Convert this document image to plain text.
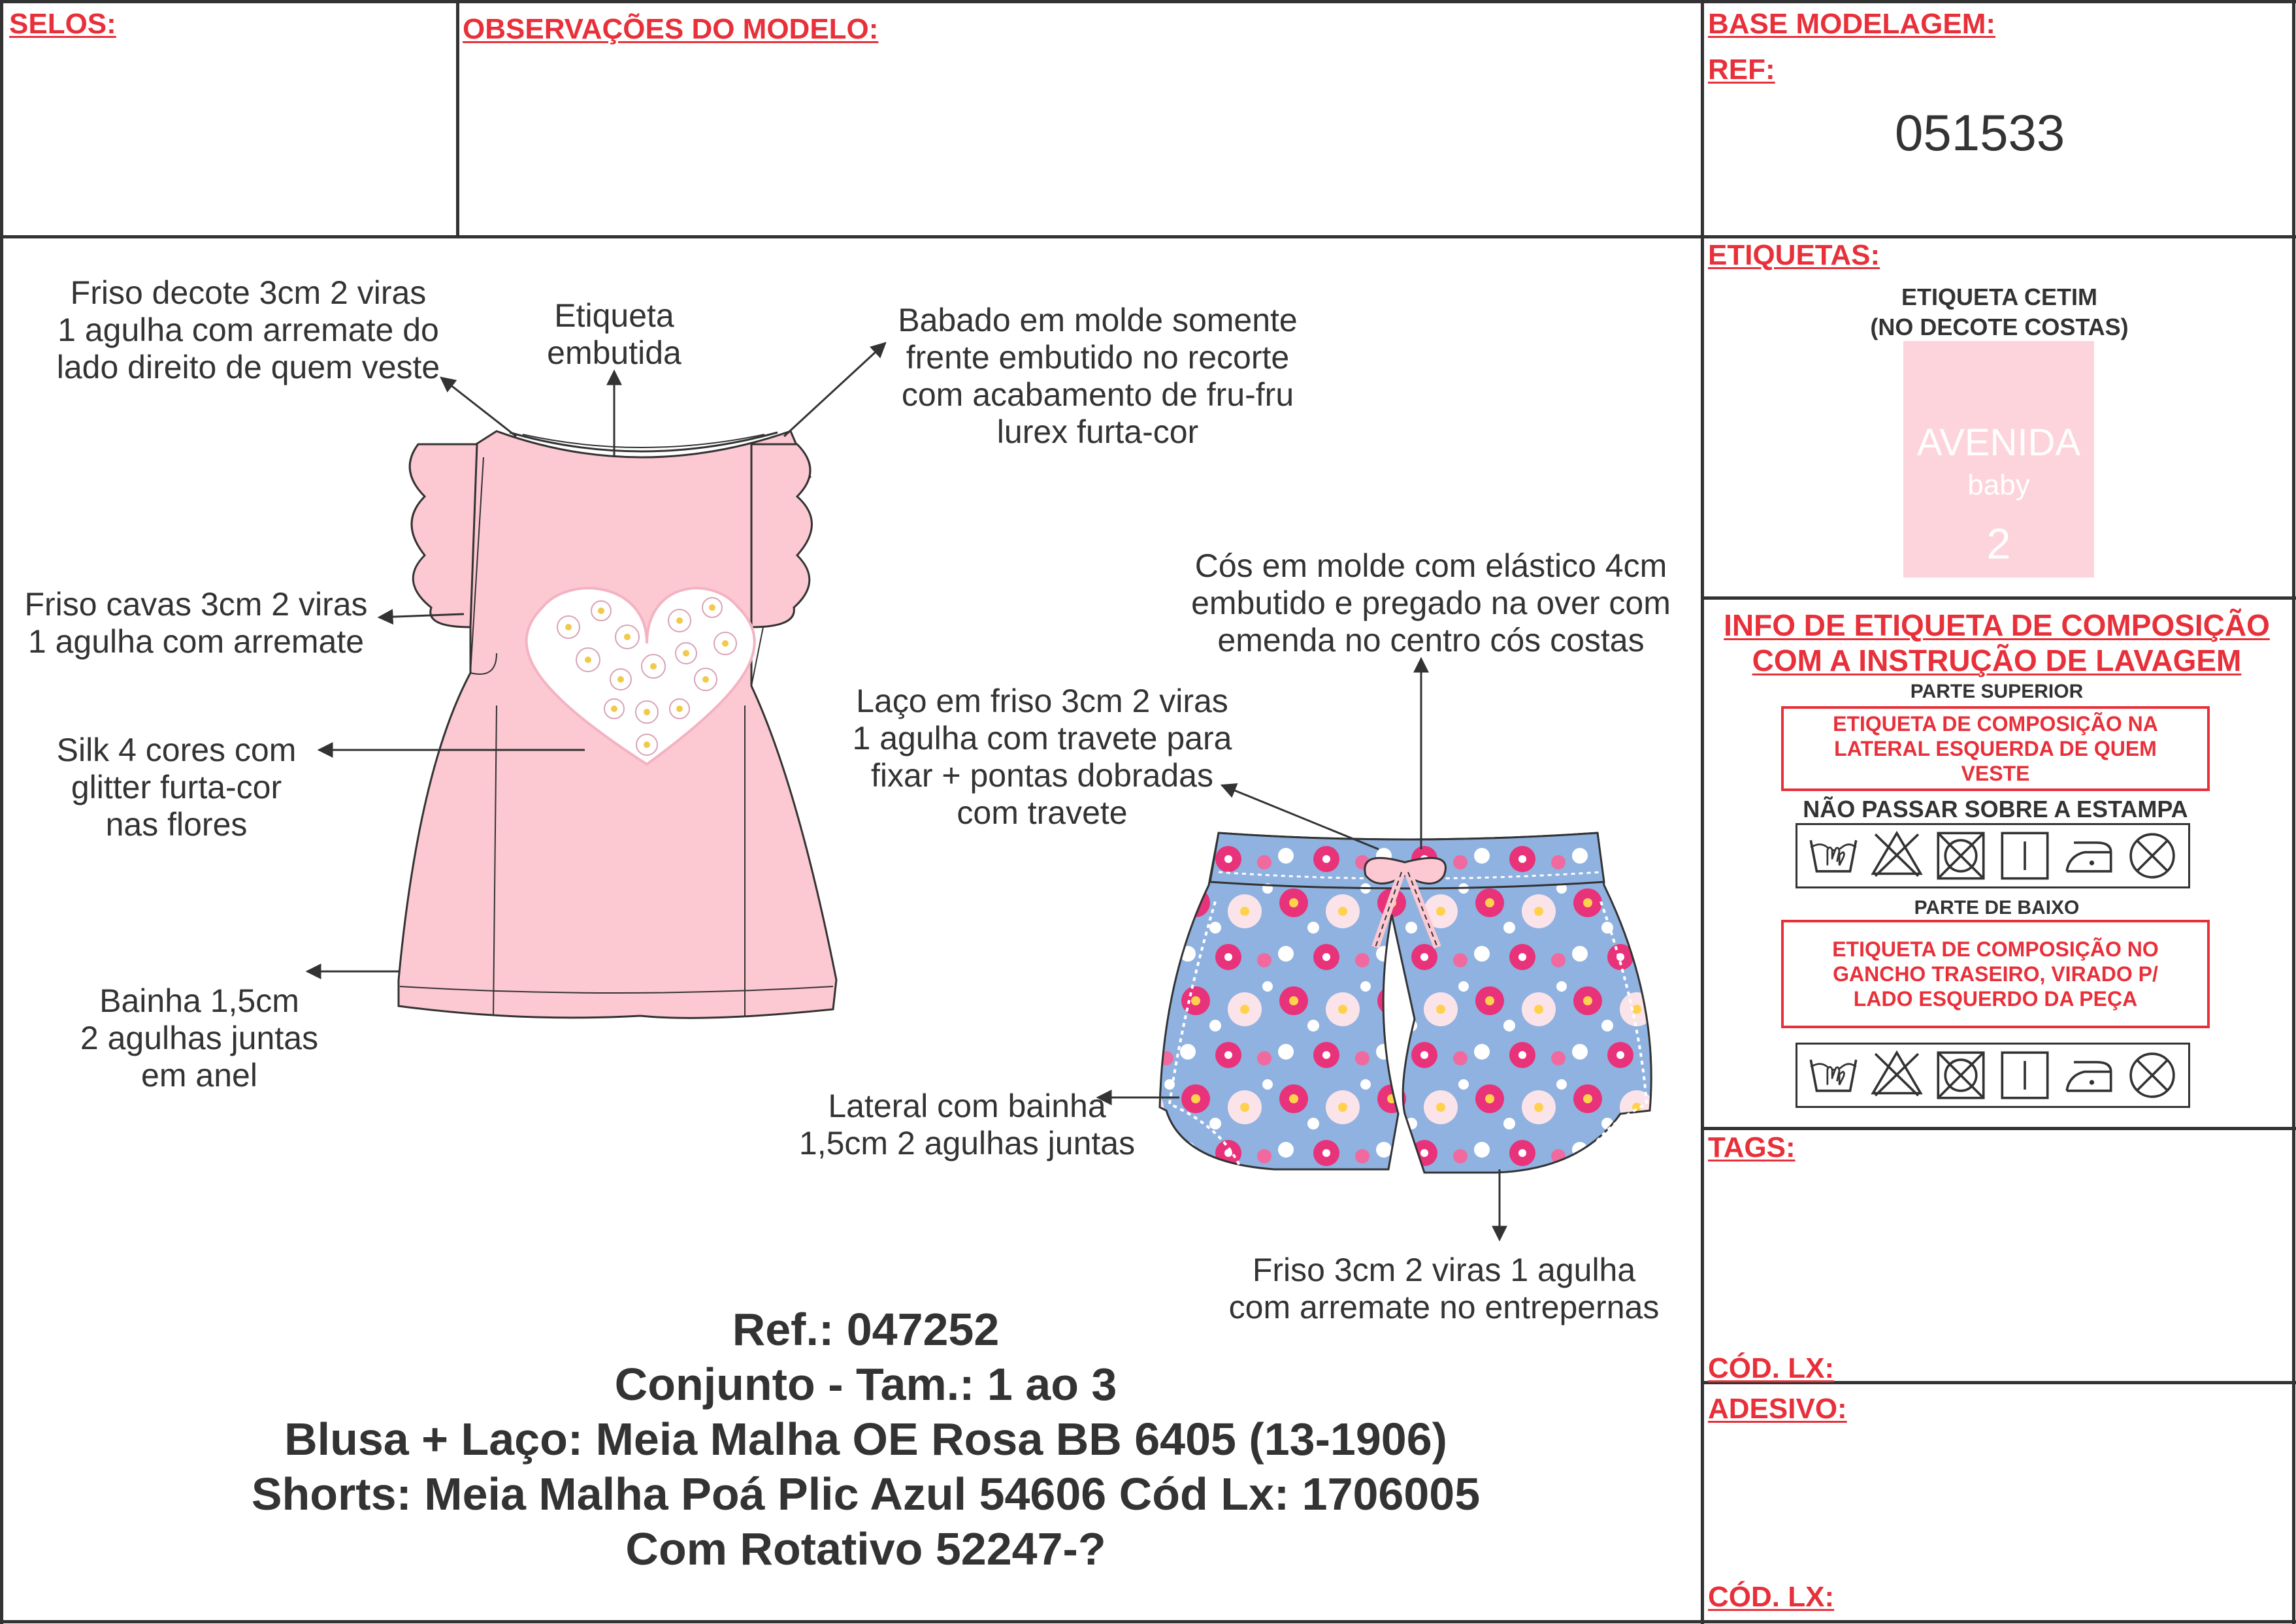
SELOS:	OBSERVAÇÕES DO MODELO:	BASE MODELAGEM:
REF:
051533
Friso decote 3cm 2 viras
1 agulha com arremate do
lado direito de quem veste
Etiqueta
embutida
Babado em molde somente
frente embutido no recorte
com acabamento de fru-fru
lurex furta-cor
Friso cavas 3cm 2 viras
1 agulha com arremate
Silk 4 cores com
glitter furta-cor
nas flores
Bainha 1,5cm
2 agulhas juntas
em anel
Cós em molde com elástico 4cm
embutido e pregado na over com
emenda no centro cós costas
Laço em friso 3cm 2 viras
1 agulha com travete para
fixar + pontas dobradas
com travete
Lateral com bainha
1,5cm 2 agulhas juntas
Friso 3cm 2 viras 1 agulha
com arremate no entrepernas
Ref.: 047252
Conjunto - Tam.: 1 ao 3
Blusa + Laço: Meia Malha OE Rosa BB 6405 (13-1906)
Shorts: Meia Malha Poá Plic Azul 54606 Cód Lx: 1706005
Com Rotativo 52247-?
ETIQUETAS:
ETIQUETA CETIM
(NO DECOTE COSTAS)
AVENIDA
baby
2
INFO DE ETIQUETA DE COMPOSIÇÃO
COM A INSTRUÇÃO DE LAVAGEM
PARTE SUPERIOR
ETIQUETA DE COMPOSIÇÃO NA
LATERAL ESQUERDA DE QUEM
VESTE
NÃO PASSAR SOBRE A ESTAMPA
PARTE DE BAIXO
ETIQUETA DE COMPOSIÇÃO NO
GANCHO TRASEIRO, VIRADO P/
LADO ESQUERDO DA PEÇA
TAGS:
CÓD. LX:
ADESIVO:
CÓD. LX:
